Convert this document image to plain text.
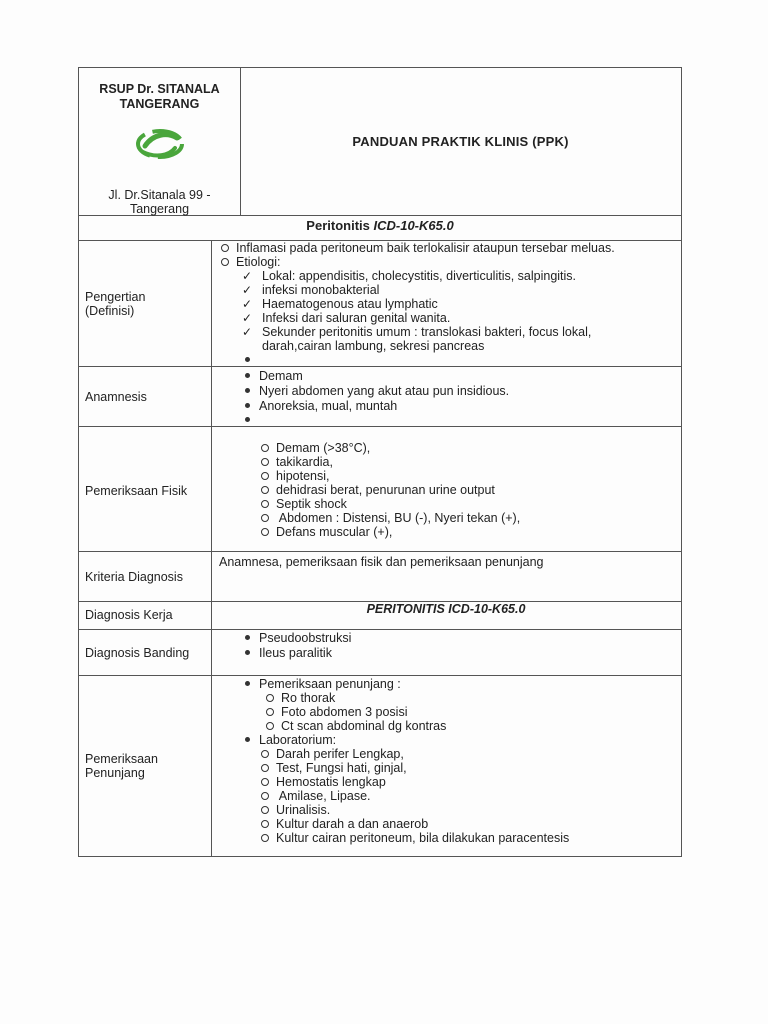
RSUP Dr. SITANALA
TANGERANG
Jl. Dr.Sitanala 99 -
Tangerang
PANDUAN PRAKTIK KLINIS (PPK)
Peritonitis ICD-10-K65.0
Pengertian
(Definisi)
Inflamasi pada peritoneum baik terlokalisir ataupun tersebar meluas.
Etiologi:
✓ Lokal: appendisitis, cholecystitis, diverticulitis, salpingitis.
✓ infeksi monobakterial
✓ Haematogenous atau lymphatic
✓ Infeksi dari saluran genital wanita.
✓ Sekunder peritonitis umum : translokasi bakteri, focus lokal,
darah,cairan lambung, sekresi pancreas
Anamnesis
Demam
Nyeri abdomen yang akut atau pun insidious.
Anoreksia, mual, muntah
Pemeriksaan Fisik
Demam (>38°C),
takikardia,
hipotensi,
dehidrasi berat, penurunan urine output
Septik shock
Abdomen : Distensi, BU (-), Nyeri tekan (+),
Defans muscular (+),
Kriteria Diagnosis
Anamnesa, pemeriksaan fisik dan pemeriksaan penunjang
Diagnosis Kerja	PERITONITIS ICD-10-K65.0
Diagnosis Banding
Pseudoobstruksi
Ileus paralitik
Pemeriksaan
Penunjang
Pemeriksaan penunjang :
Ro thorak
Foto abdomen 3 posisi
Ct scan abdominal dg kontras
Laboratorium:
Darah perifer Lengkap,
Test, Fungsi hati, ginjal,
Hemostatis lengkap
Amilase, Lipase.
Urinalisis.
Kultur darah a dan anaerob
Kultur cairan peritoneum, bila dilakukan paracentesis
